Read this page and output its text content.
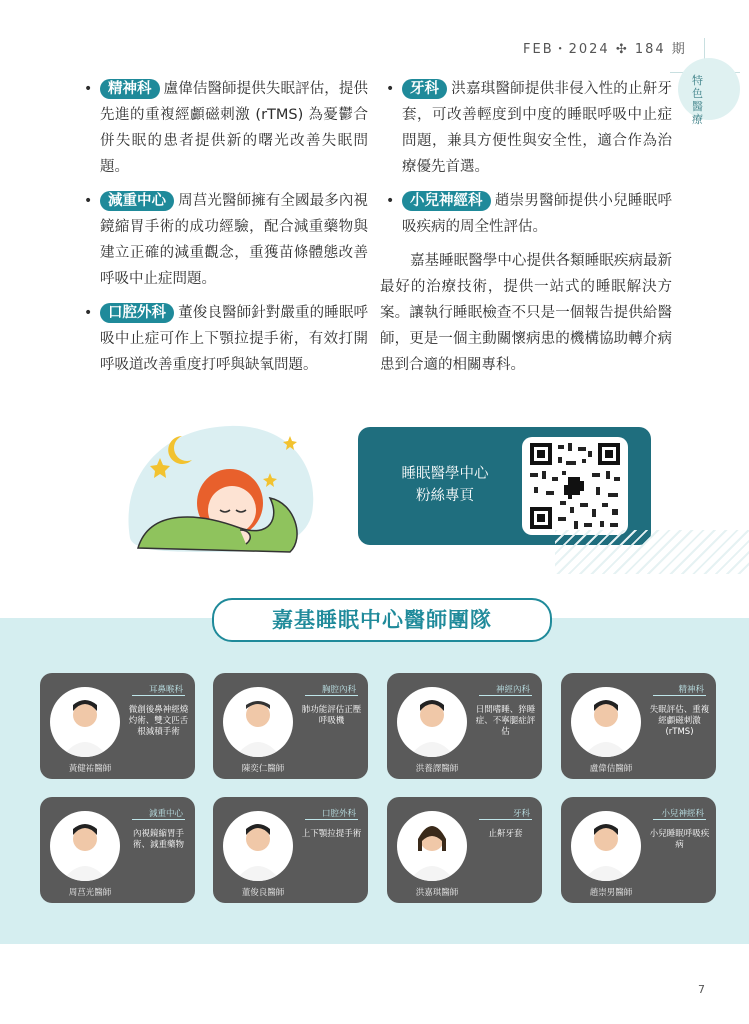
FEB・2024 ✣ 184 期
特色醫療
• 精神科 盧偉佶醫師提供失眠評估，提供先進的重複經顱磁刺激 (rTMS) 為憂鬱合併失眠的患者提供新的曙光改善失眠問題。
• 減重中心 周莒光醫師擁有全國最多內視鏡縮胃手術的成功經驗，配合減重藥物與建立正確的減重觀念，重獲苗條體態改善呼吸中止症問題。
• 口腔外科 董俊良醫師針對嚴重的睡眠呼吸中止症可作上下顎拉提手術，有效打開呼吸道改善重度打呼與缺氧問題。
• 牙科 洪嘉琪醫師提供非侵入性的止鼾牙套，可改善輕度到中度的睡眠呼吸中止症問題，兼具方便性與安全性，適合作為治療優先首選。
• 小兒神經科 趙崇男醫師提供小兒睡眠呼吸疾病的周全性評估。
嘉基睡眠醫學中心提供各類睡眠疾病最新最好的治療技術，提供一站式的睡眠解決方案。讓執行睡眠檢查不只是一個報告提供給醫師，更是一個主動關懷病患的機構協助轉介病患到合適的相關專科。
睡眠醫學中心
粉絲專頁
嘉基睡眠中心醫師團隊
耳鼻喉科
微創後鼻神經燒灼術、雙文匹舌根減積手術
黃健祐醫師
胸腔內科
肺功能評估正壓呼吸機
陳奕仁醫師
神經內科
日間嗜睡、猝睡症、不寧腿症評估
洪養譯醫師
精神科
失眠評估、重複經顱磁刺激(rTMS)
盧偉佶醫師
減重中心
內視鏡縮胃手術、減重藥物
周莒光醫師
口腔外科
上下顎拉提手術
董俊良醫師
牙科
止鼾牙套
洪嘉琪醫師
小兒神經科
小兒睡眠呼吸疾病
趙崇男醫師
7
